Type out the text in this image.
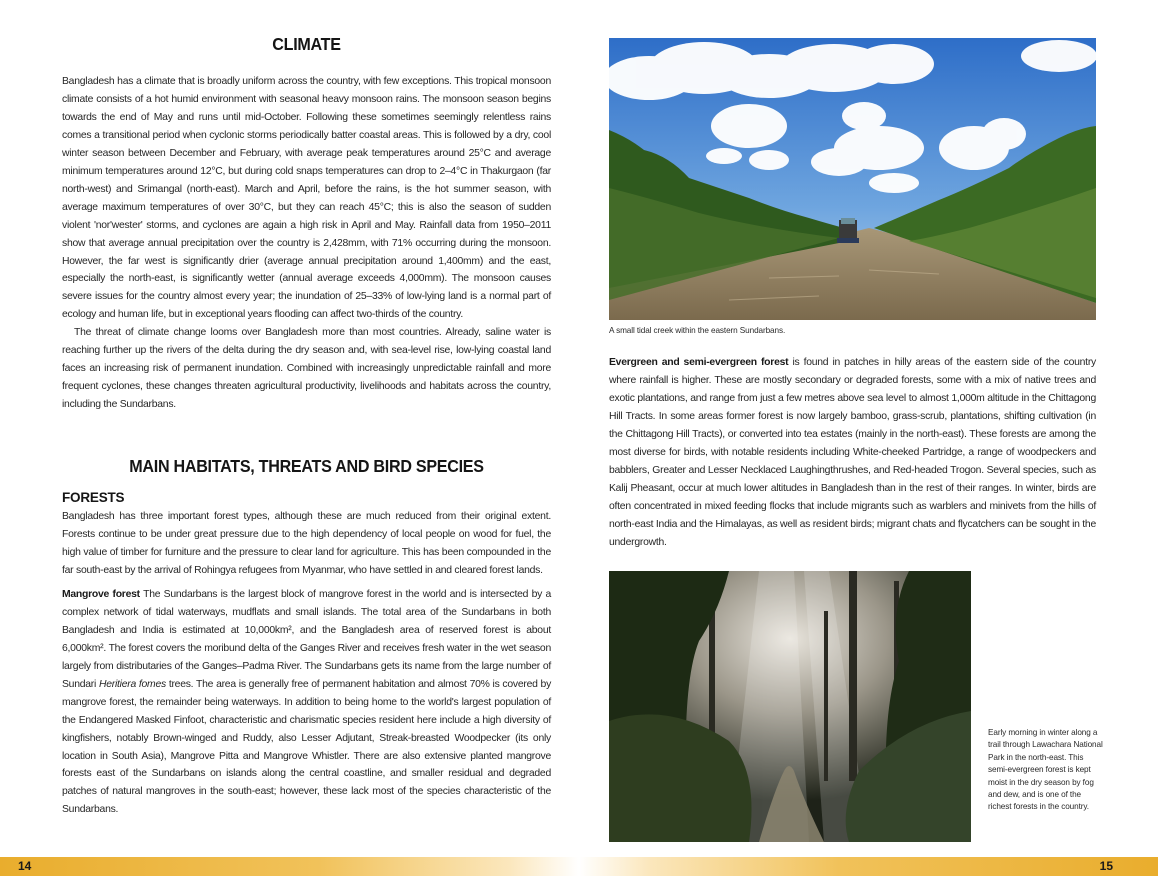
CLIMATE

Bangladesh has a climate that is broadly uniform across the country, with few exceptions. This tropical monsoon climate consists of a hot humid environment with seasonal heavy monsoon rains. The monsoon season begins towards the end of May and runs until mid-October. Following these sometimes seemingly relentless rains comes a transitional period when cyclonic storms periodically batter coastal areas. This is followed by a dry, cool winter season between December and February, with average peak temperatures around 25°C and average minimum temperatures around 12°C, but during cold snaps temperatures can drop to 2–4°C in Thakurgaon (far north-west) and Srimangal (north-east). March and April, before the rains, is the hot summer season, with average maximum temperatures of over 30°C, but they can reach 45°C; this is also the season of sudden violent 'nor'wester' storms, and cyclones are again a high risk in April and May. Rainfall data from 1950–2011 show that average annual precipitation over the country is 2,428mm, with 71% occurring during the monsoon. However, the far west is significantly drier (average annual precipitation around 1,400mm) and the east, especially the north-east, is significantly wetter (annual average exceeds 4,000mm). The monsoon causes severe issues for the country almost every year; the inundation of 25–33% of low-lying land is a normal part of ecology and human life, but in exceptional years flooding can affect two-thirds of the country.

The threat of climate change looms over Bangladesh more than most countries. Already, saline water is reaching further up the rivers of the delta during the dry season and, with sea-level rise, low-lying coastal land faces an increasing risk of permanent inundation. Combined with increasingly unpredictable rainfall and more frequent cyclones, these changes threaten agricultural productivity, livelihoods and habitats across the country, including the Sundarbans.

MAIN HABITATS, THREATS AND BIRD SPECIES
FORESTS

Bangladesh has three important forest types, although these are much reduced from their original extent. Forests continue to be under great pressure due to the high dependency of local people on wood for fuel, the high value of timber for furniture and the pressure to clear land for agriculture. This has been compounded in the far south-east by the arrival of Rohingya refugees from Myanmar, who have settled in and cleared forest lands.

Mangrove forest The Sundarbans is the largest block of mangrove forest in the world and is intersected by a complex network of tidal waterways, mudflats and small islands. The total area of the Sundarbans in both Bangladesh and India is estimated at 10,000km², and the Bangladesh area of reserved forest is about 6,000km². The forest covers the moribund delta of the Ganges River and receives fresh water in the wet season largely from distributaries of the Ganges–Padma River. The Sundarbans gets its name from the large number of Sundari Heritiera fomes trees. The area is generally free of permanent habitation and almost 70% is covered by mangrove forest, the remainder being waterways. In addition to being home to the world's largest population of the Endangered Masked Finfoot, characteristic and charismatic species resident here include a high diversity of kingfishers, notably Brown-winged and Ruddy, also Lesser Adjutant, Streak-breasted Woodpecker (its only location in South Asia), Mangrove Pitta and Mangrove Whistler. There are also extensive planted mangrove forests east of the Sundarbans on islands along the central coastline, and smaller residual and degraded patches of natural mangroves in the south-east; however, these lack most of the species characteristic of the Sundarbans.

A small tidal creek within the eastern Sundarbans.

Evergreen and semi-evergreen forest is found in patches in hilly areas of the eastern side of the country where rainfall is higher. These are mostly secondary or degraded forests, some with a mix of native trees and exotic plantations, and range from just a few metres above sea level to almost 1,000m altitude in the Chittagong Hill Tracts. In some areas former forest is now largely bamboo, grass-scrub, plantations, shifting cultivation (in the Chittagong Hill Tracts), or converted into tea estates (mainly in the north-east). These forests are among the most diverse for birds, with notable residents including White-cheeked Partridge, a range of woodpeckers and babblers, Greater and Lesser Necklaced Laughingthrushes, and Red-headed Trogon. Several species, such as Kalij Pheasant, occur at much lower altitudes in Bangladesh than in the rest of their ranges. In winter, birds are often concentrated in mixed feeding flocks that include migrants such as warblers and minivets from the hills of north-east India and the Himalayas, as well as resident birds; migrant chats and flycatchers can be sought in the undergrowth.

Early morning in winter along a trail through Lawachara National Park in the north-east. This semi-evergreen forest is kept moist in the dry season by fog and dew, and is one of the richest forests in the country.
14	15
